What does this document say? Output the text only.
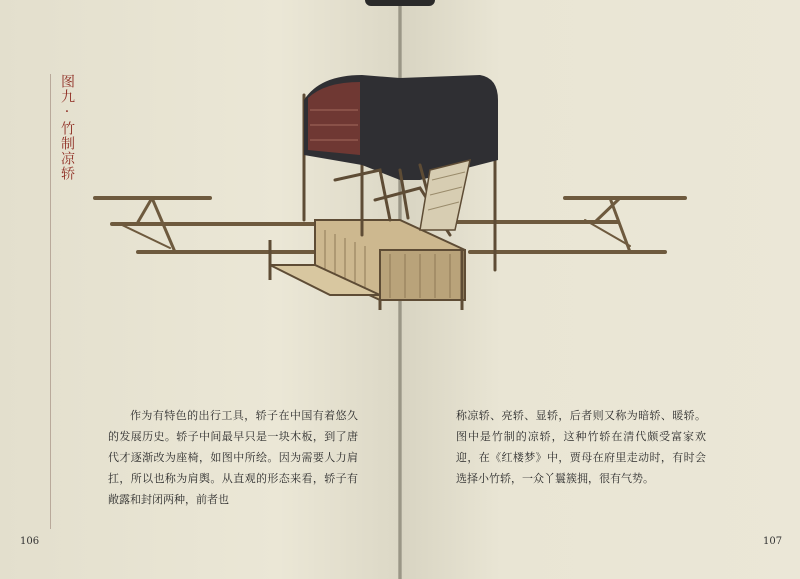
图九·竹制凉轿

作为有特色的出行工具，轿子在中国有着悠久的发展历史。轿子中间最早只是一块木板，到了唐代才逐渐改为座椅，如图中所绘。因为需要人力肩扛，所以也称为肩舆。从直观的形态来看，轿子有敞露和封闭两种，前者也

称凉轿、亮轿、显轿，后者则又称为暗轿、暖轿。图中是竹制的凉轿，这种竹轿在清代颇受富家欢迎，在《红楼梦》中，贾母在府里走动时，有时会选择小竹轿，一众丫鬟簇拥，很有气势。

106	107
